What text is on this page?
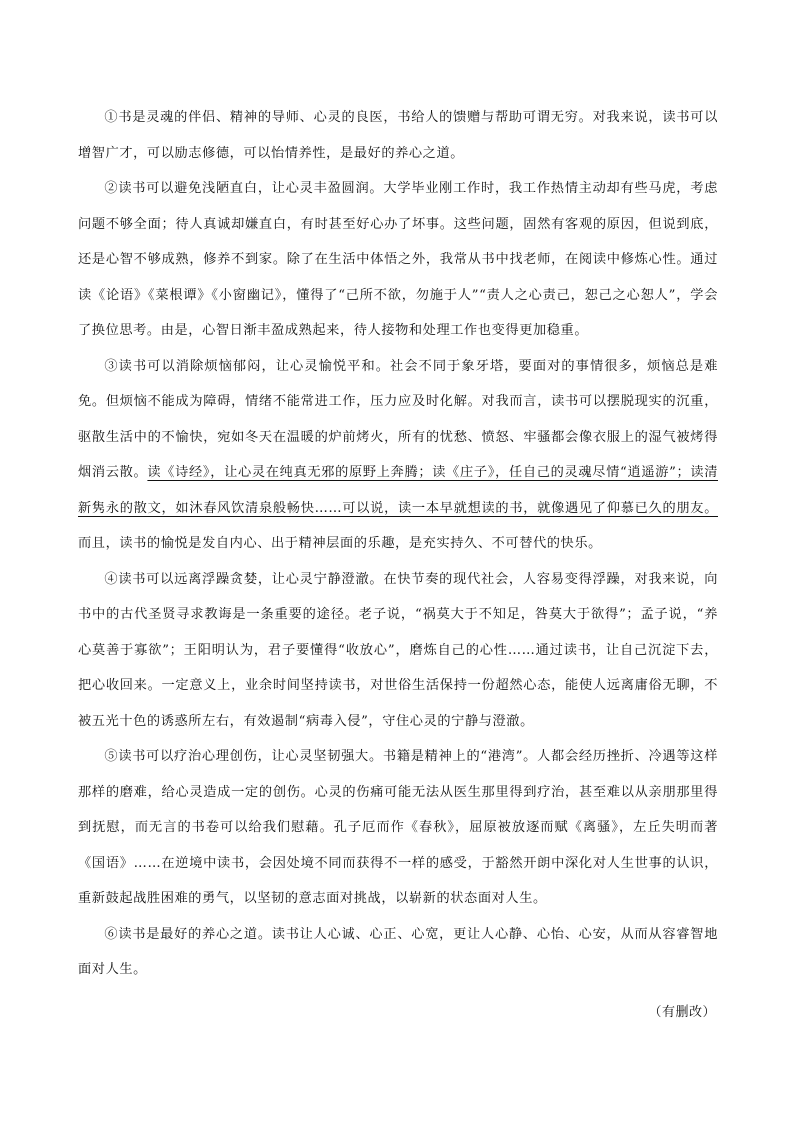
①书是灵魂的伴侣、精神的导师、心灵的良医，书给人的馈赠与帮助可谓无穷。对我来说，读书可以增智广才，可以励志修德，可以怡情养性，是最好的养心之道。

②读书可以避免浅陋直白，让心灵丰盈圆润。大学毕业刚工作时，我工作热情主动却有些马虎，考虑问题不够全面；待人真诚却嫌直白，有时甚至好心办了坏事。这些问题，固然有客观的原因，但说到底，还是心智不够成熟，修养不到家。除了在生活中体悟之外，我常从书中找老师，在阅读中修炼心性。通过读《论语》《菜根谭》《小窗幽记》，懂得了“己所不欲，勿施于人”“责人之心责己，恕己之心恕人”，学会了换位思考。由是，心智日渐丰盈成熟起来，待人接物和处理工作也变得更加稳重。

③读书可以消除烦恼郁闷，让心灵愉悦平和。社会不同于象牙塔，要面对的事情很多，烦恼总是难免。但烦恼不能成为障碍，情绪不能常进工作，压力应及时化解。对我而言，读书可以摆脱现实的沉重，驱散生活中的不愉快，宛如冬天在温暖的炉前烤火，所有的忧愁、愤怒、牢骚都会像衣服上的湿气被烤得烟消云散。读《诗经》，让心灵在纯真无邪的原野上奔腾；读《庄子》，任自己的灵魂尽情“逍遥游”；读清新隽永的散文，如沐春风饮清泉般畅快……可以说，读一本早就想读的书，就像遇见了仰慕已久的朋友。而且，读书的愉悦是发自内心、出于精神层面的乐趣，是充实持久、不可替代的快乐。

④读书可以远离浮躁贪婪，让心灵宁静澄澈。在快节奏的现代社会，人容易变得浮躁，对我来说，向书中的古代圣贤寻求教诲是一条重要的途径。老子说，“祸莫大于不知足，咎莫大于欲得”；孟子说，“养心莫善于寡欲”；王阳明认为，君子要懂得“收放心”，磨炼自己的心性……通过读书，让自己沉淀下去，把心收回来。一定意义上，业余时间坚持读书，对世俗生活保持一份超然心态，能使人远离庸俗无聊，不被五光十色的诱惑所左右，有效遏制“病毒入侵”，守住心灵的宁静与澄澈。

⑤读书可以疗治心理创伤，让心灵坚韧强大。书籍是精神上的“港湾”。人都会经历挫折、冷遇等这样那样的磨难，给心灵造成一定的创伤。心灵的伤痛可能无法从医生那里得到疗治，甚至难以从亲朋那里得到抚慰，而无言的书卷可以给我们慰藉。孔子厄而作《春秋》，屈原被放逐而赋《离骚》，左丘失明而著《国语》……在逆境中读书，会因处境不同而获得不一样的感受，于豁然开朗中深化对人生世事的认识，重新鼓起战胜困难的勇气，以坚韧的意志面对挑战，以崭新的状态面对人生。

⑥读书是最好的养心之道。读书让人心诚、心正、心宽，更让人心静、心怡、心安，从而从容睿智地面对人生。

（有删改）
